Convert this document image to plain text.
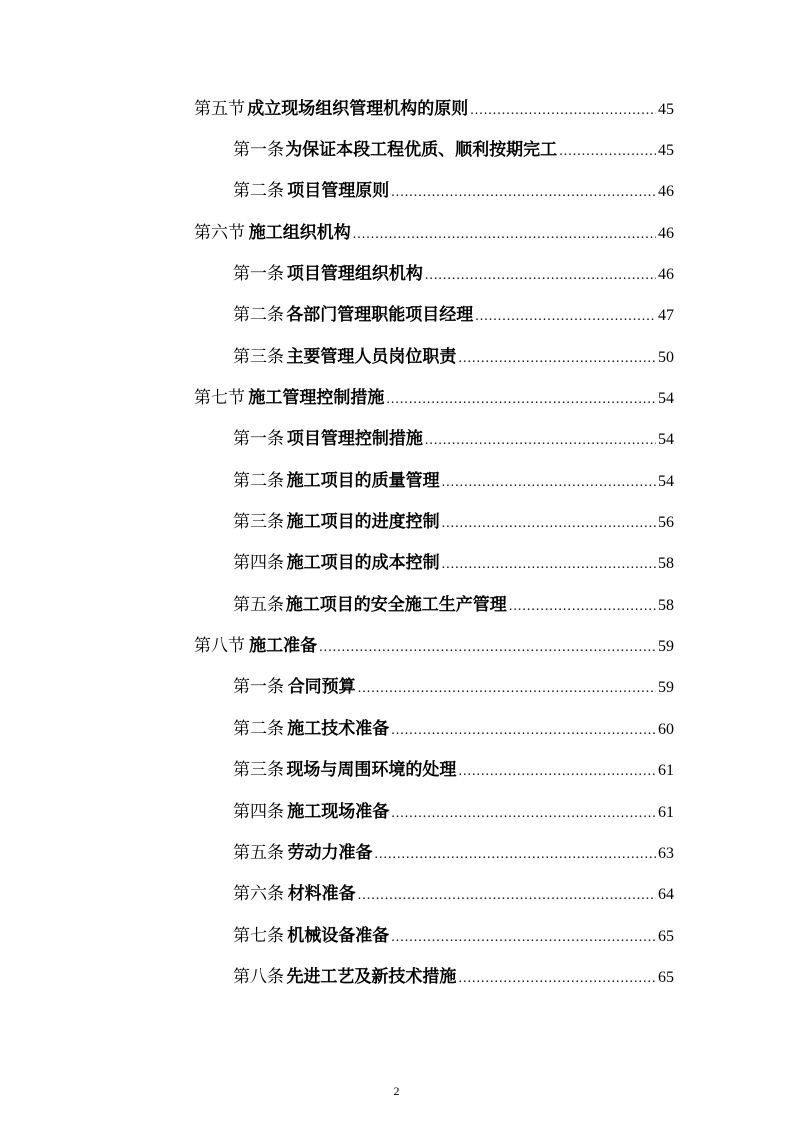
第五节 成立现场组织管理机构的原则 .....	45
第一条 为保证本段工程优质、顺利按期完工 .....	45
第二条 项目管理原则 .....	46
第六节 施工组织机构 .....	46
第一条 项目管理组织机构 .....	46
第二条 各部门管理职能项目经理 .....	47
第三条 主要管理人员岗位职责 .....	50
第七节 施工管理控制措施 .....	54
第一条 项目管理控制措施 .....	54
第二条 施工项目的质量管理 .....	54
第三条 施工项目的进度控制 .....	56
第四条 施工项目的成本控制 .....	58
第五条 施工项目的安全施工生产管理 .....	58
第八节 施工准备 .....	59
第一条 合同预算 .....	59
第二条 施工技术准备 .....	60
第三条 现场与周围环境的处理 .....	61
第四条 施工现场准备 .....	61
第五条 劳动力准备 .....	63
第六条 材料准备 .....	64
第七条 机械设备准备 .....	65
第八条 先进工艺及新技术措施 .....	65
2
